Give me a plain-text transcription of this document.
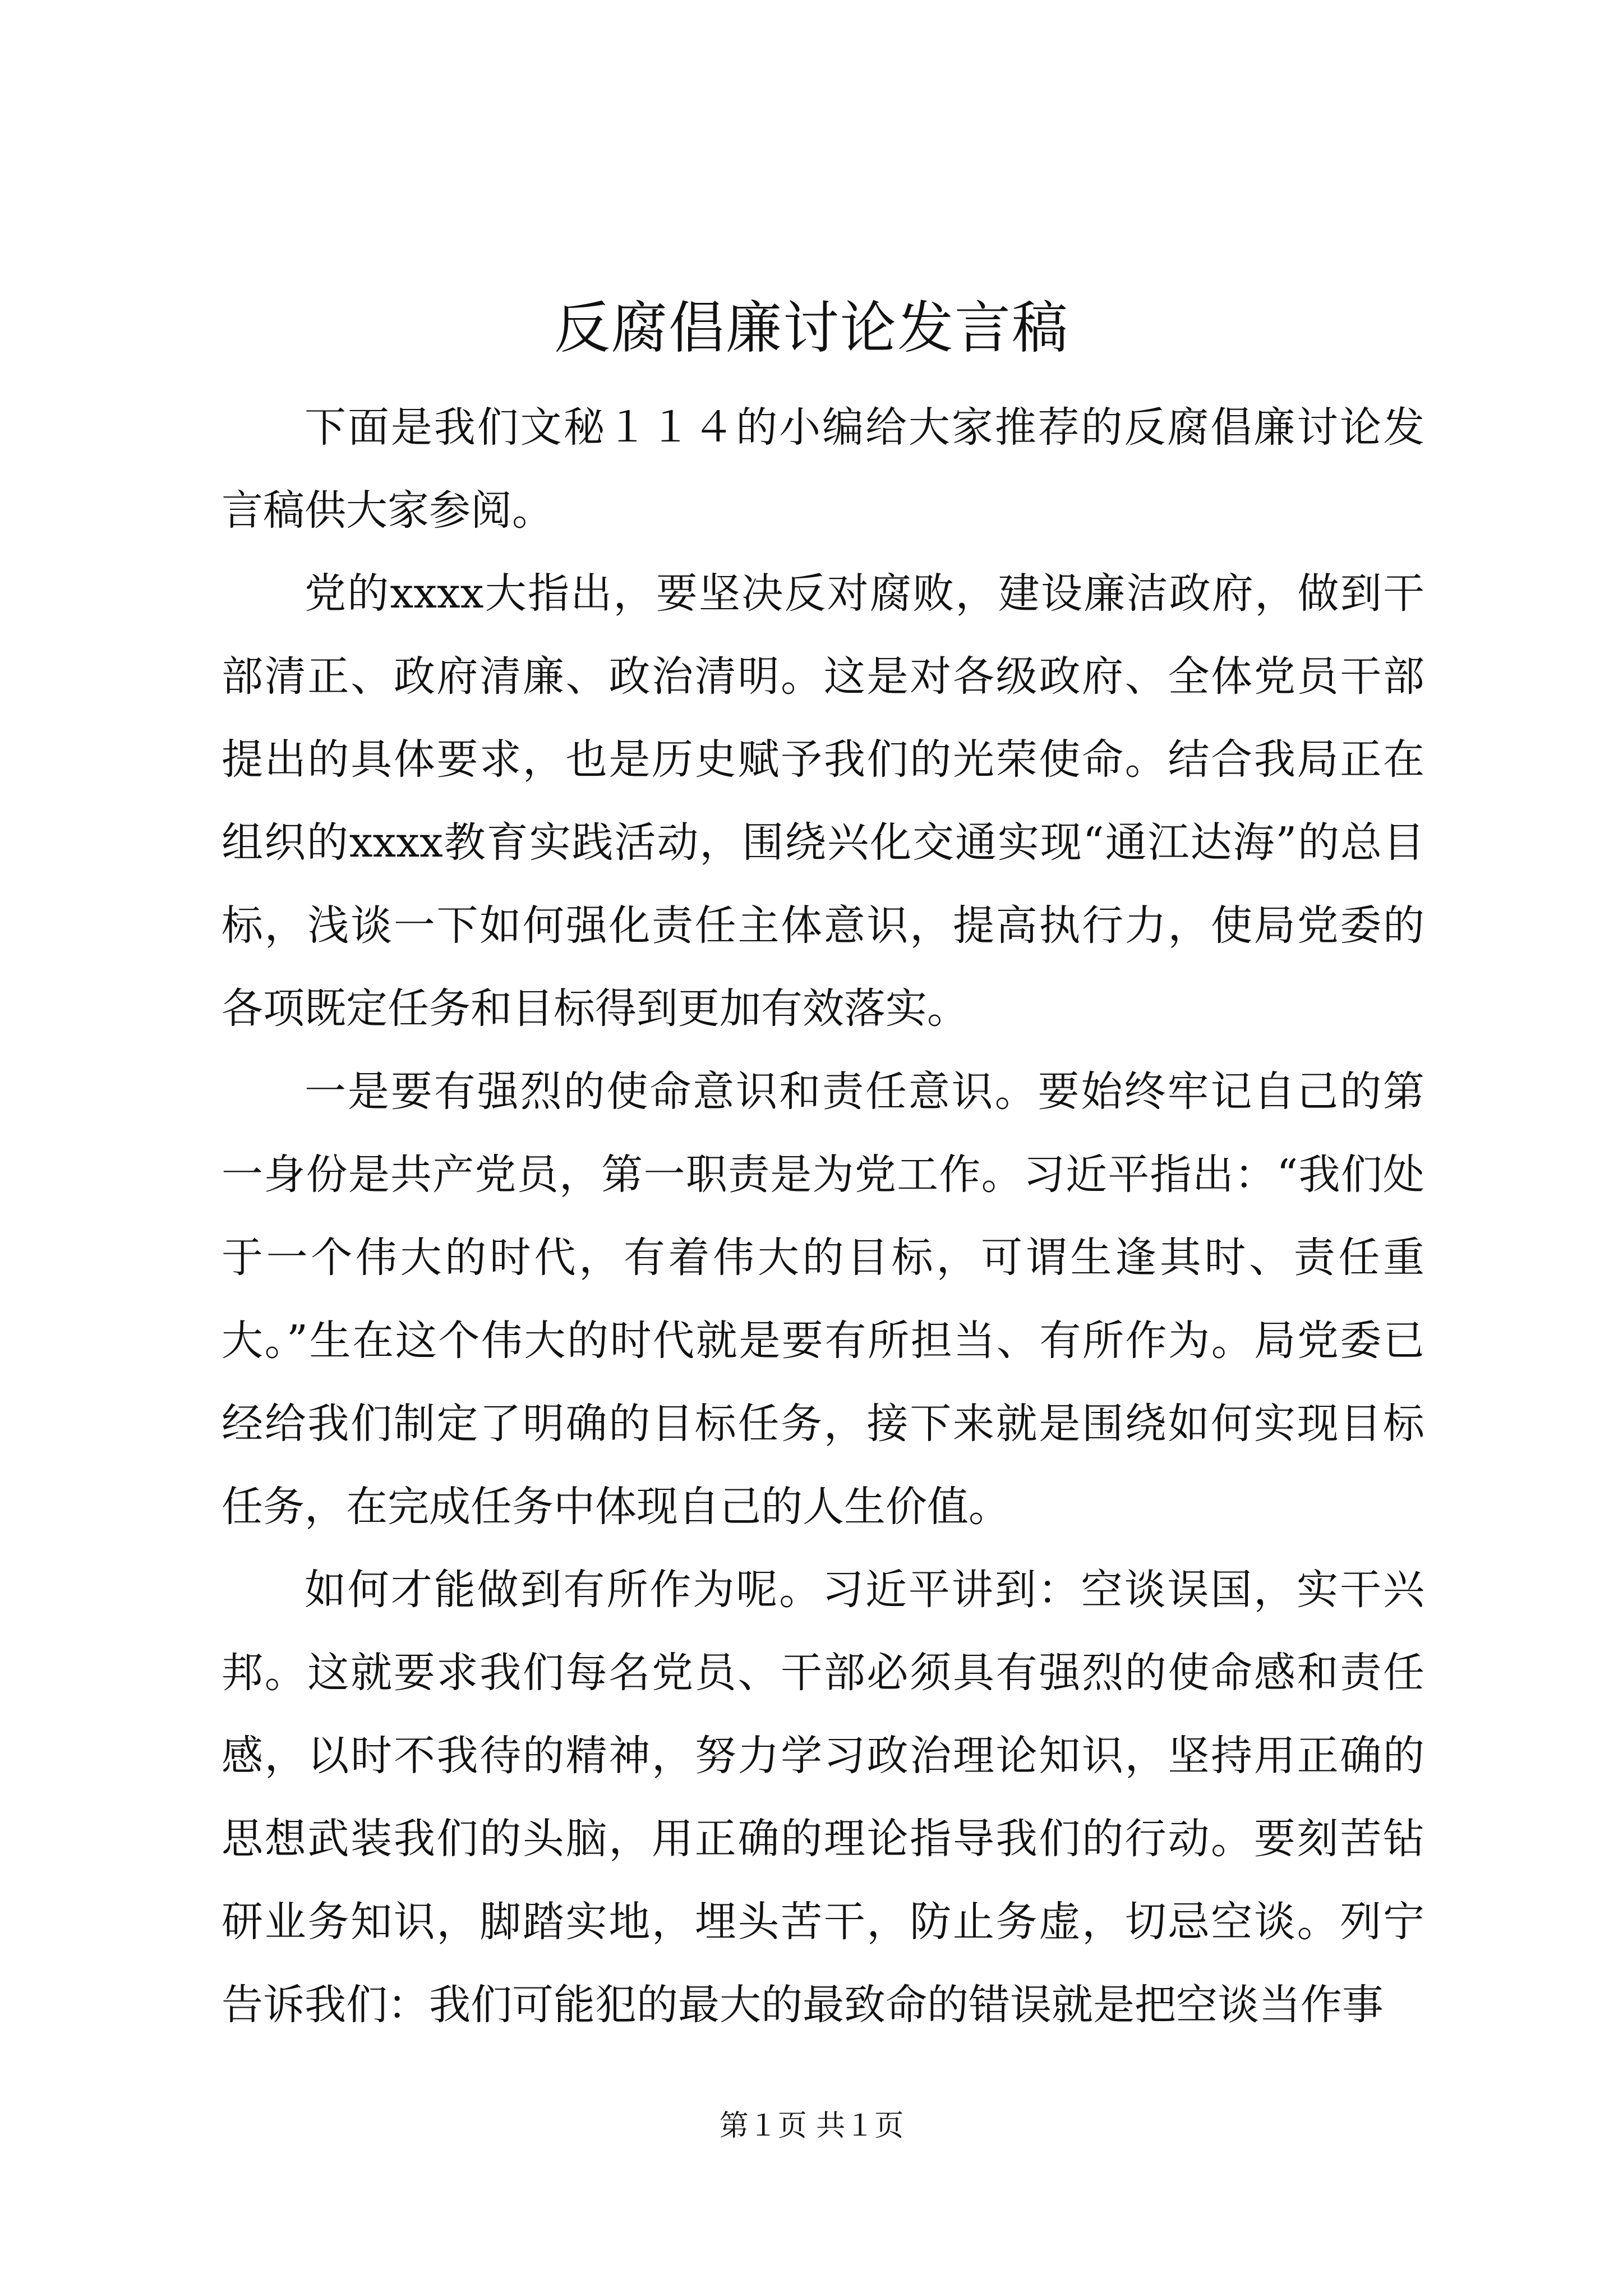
反腐倡廉讨论发言稿

下面是我们文秘１１４的小编给大家推荐的反腐倡廉讨论发言稿供大家参阅。

党的xxxx大指出，要坚决反对腐败，建设廉洁政府，做到干部清正、政府清廉、政治清明。这是对各级政府、全体党员干部提出的具体要求，也是历史赋予我们的光荣使命。结合我局正在组织的xxxx教育实践活动，围绕兴化交通实现“通江达海”的总目标，浅谈一下如何强化责任主体意识，提高执行力，使局党委的各项既定任务和目标得到更加有效落实。

一是要有强烈的使命意识和责任意识。要始终牢记自己的第一身份是共产党员，第一职责是为党工作。习近平指出：“我们处于一个伟大的时代，有着伟大的目标，可谓生逢其时、责任重大。”生在这个伟大的时代就是要有所担当、有所作为。局党委已经给我们制定了明确的目标任务，接下来就是围绕如何实现目标任务，在完成任务中体现自己的人生价值。

如何才能做到有所作为呢。习近平讲到：空谈误国，实干兴邦。这就要求我们每名党员、干部必须具有强烈的使命感和责任感，以时不我待的精神，努力学习政治理论知识，坚持用正确的思想武装我们的头脑，用正确的理论指导我们的行动。要刻苦钻研业务知识，脚踏实地，埋头苦干，防止务虚，切忌空谈。列宁告诉我们：我们可能犯的最大的最致命的错误就是把空谈当作事

第１页 共１页
